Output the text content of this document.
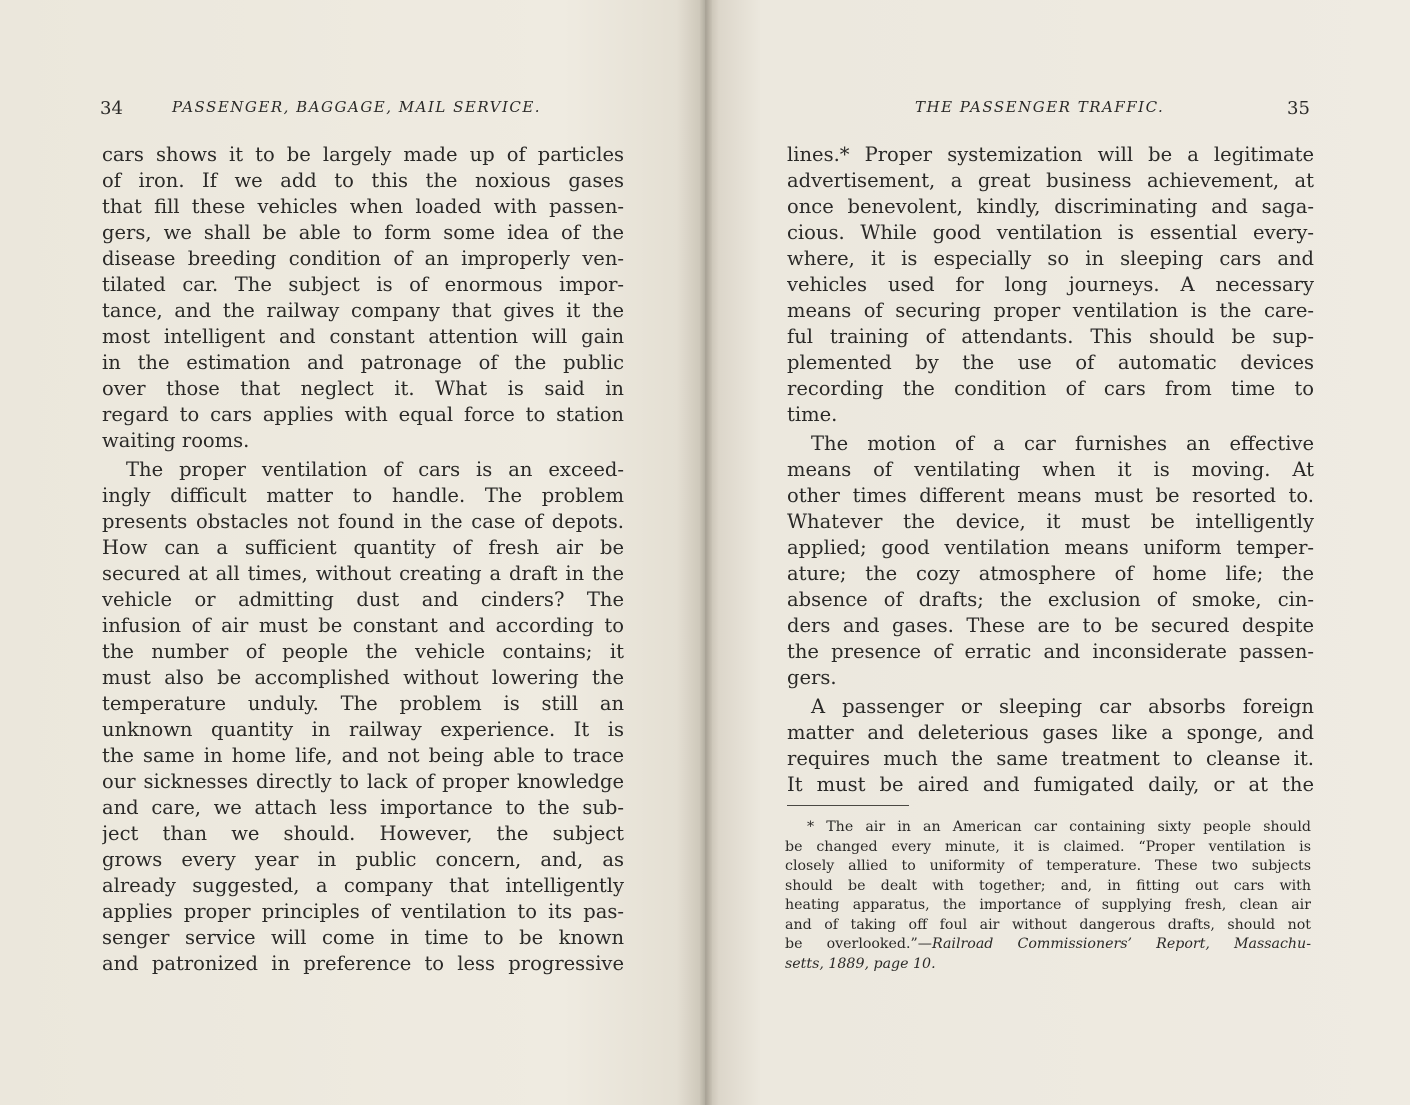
34	PASSENGER, BAGGAGE, MAIL SERVICE.
cars shows it to be largely made up of particles
of iron. If we add to this the noxious gases
that fill these vehicles when loaded with passen-
gers, we shall be able to form some idea of the
disease breeding condition of an improperly ven-
tilated car. The subject is of enormous impor-
tance, and the railway company that gives it the
most intelligent and constant attention will gain
in the estimation and patronage of the public
over those that neglect it. What is said in
regard to cars applies with equal force to station
waiting rooms.
The proper ventilation of cars is an exceed-
ingly difficult matter to handle. The problem
presents obstacles not found in the case of depots.
How can a sufficient quantity of fresh air be
secured at all times, without creating a draft in the
vehicle or admitting dust and cinders? The
infusion of air must be constant and according to
the number of people the vehicle contains; it
must also be accomplished without lowering the
temperature unduly. The problem is still an
unknown quantity in railway experience. It is
the same in home life, and not being able to trace
our sicknesses directly to lack of proper knowledge
and care, we attach less importance to the sub-
ject than we should. However, the subject
grows every year in public concern, and, as
already suggested, a company that intelligently
applies proper principles of ventilation to its pas-
senger service will come in time to be known
and patronized in preference to less progressive
THE PASSENGER TRAFFIC.	35
lines.* Proper systemization will be a legitimate
advertisement, a great business achievement, at
once benevolent, kindly, discriminating and saga-
cious. While good ventilation is essential every-
where, it is especially so in sleeping cars and
vehicles used for long journeys. A necessary
means of securing proper ventilation is the care-
ful training of attendants. This should be sup-
plemented by the use of automatic devices
recording the condition of cars from time to
time.
The motion of a car furnishes an effective
means of ventilating when it is moving. At
other times different means must be resorted to.
Whatever the device, it must be intelligently
applied; good ventilation means uniform temper-
ature; the cozy atmosphere of home life; the
absence of drafts; the exclusion of smoke, cin-
ders and gases. These are to be secured despite
the presence of erratic and inconsiderate passen-
gers.
A passenger or sleeping car absorbs foreign
matter and deleterious gases like a sponge, and
requires much the same treatment to cleanse it.
It must be aired and fumigated daily, or at the
* The air in an American car containing sixty people should
be changed every minute, it is claimed. “Proper ventilation is
closely allied to uniformity of temperature. These two subjects
should be dealt with together; and, in fitting out cars with
heating apparatus, the importance of supplying fresh, clean air
and of taking off foul air without dangerous drafts, should not
be overlooked.”—Railroad Commissioners’ Report, Massachu-
setts, 1889, page 10.
